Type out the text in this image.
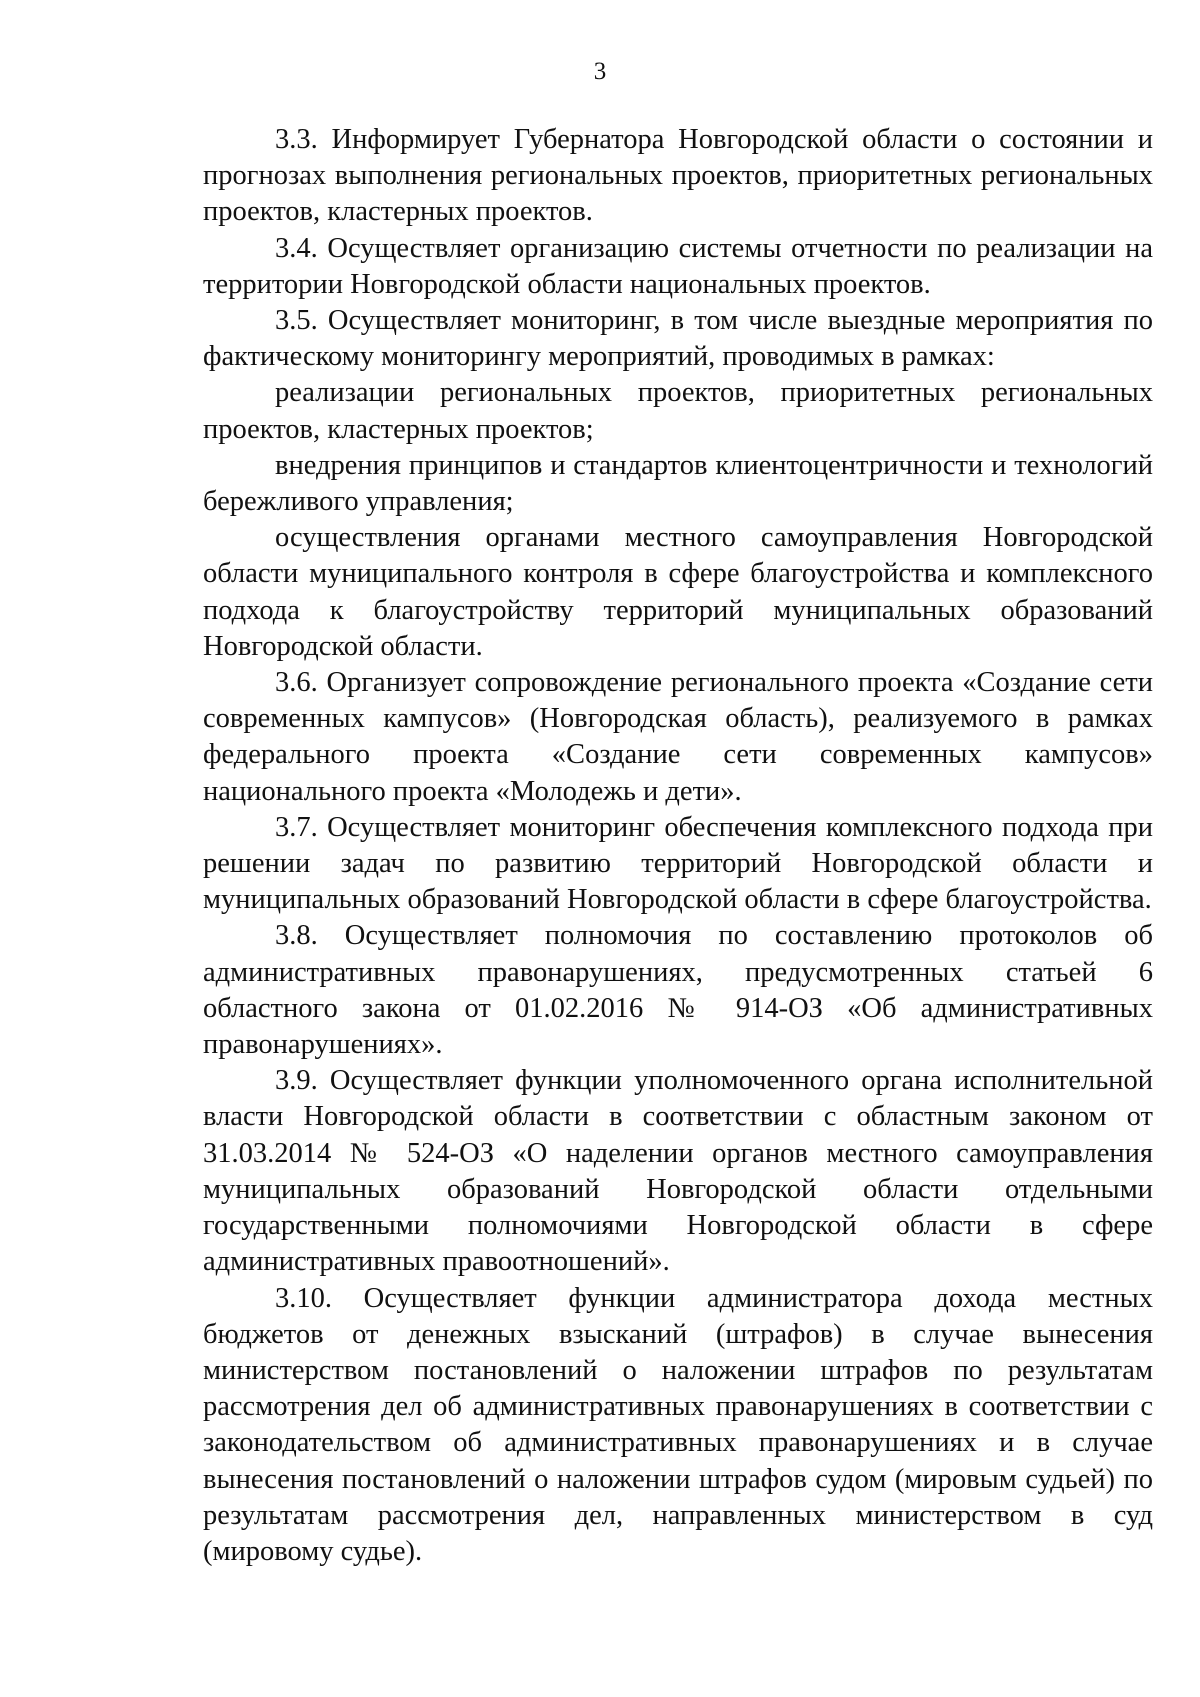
3

3.3. Информирует Губернатора Новгородской области о состоянии и прогнозах выполнения региональных проектов, приоритетных региональных проектов, кластерных проектов.

3.4. Осуществляет организацию системы отчетности по реализации на территории Новгородской области национальных проектов.

3.5. Осуществляет мониторинг, в том числе выездные мероприятия по фактическому мониторингу мероприятий, проводимых в рамках:

реализации региональных проектов, приоритетных региональных проектов, кластерных проектов;

внедрения принципов и стандартов клиентоцентричности и технологий бережливого управления;

осуществления органами местного самоуправления Новгородской области муниципального контроля в сфере благоустройства и комплексного подхода к благоустройству территорий муниципальных образований Новгородской области.

3.6. Организует сопровождение регионального проекта «Создание сети современных кампусов» (Новгородская область), реализуемого в рамках федерального проекта «Создание сети современных кампусов» национального проекта «Молодежь и дети».

3.7. Осуществляет мониторинг обеспечения комплексного подхода при решении задач по развитию территорий Новгородской области и муниципальных образований Новгородской области в сфере благоустройства.

3.8. Осуществляет полномочия по составлению протоколов об административных правонарушениях, предусмотренных статьей 6 областного закона от 01.02.2016 № 914-ОЗ «Об административных правонарушениях».

3.9. Осуществляет функции уполномоченного органа исполнительной власти Новгородской области в соответствии с областным законом от 31.03.2014 № 524-ОЗ «О наделении органов местного самоуправления муниципальных образований Новгородской области отдельными государственными полномочиями Новгородской области в сфере административных правоотношений».

3.10. Осуществляет функции администратора дохода местных бюджетов от денежных взысканий (штрафов) в случае вынесения министерством постановлений о наложении штрафов по результатам рассмотрения дел об административных правонарушениях в соответствии с законодательством об административных правонарушениях и в случае вынесения постановлений о наложении штрафов судом (мировым судьей) по результатам рассмотрения дел, направленных министерством в суд (мировому судье).
